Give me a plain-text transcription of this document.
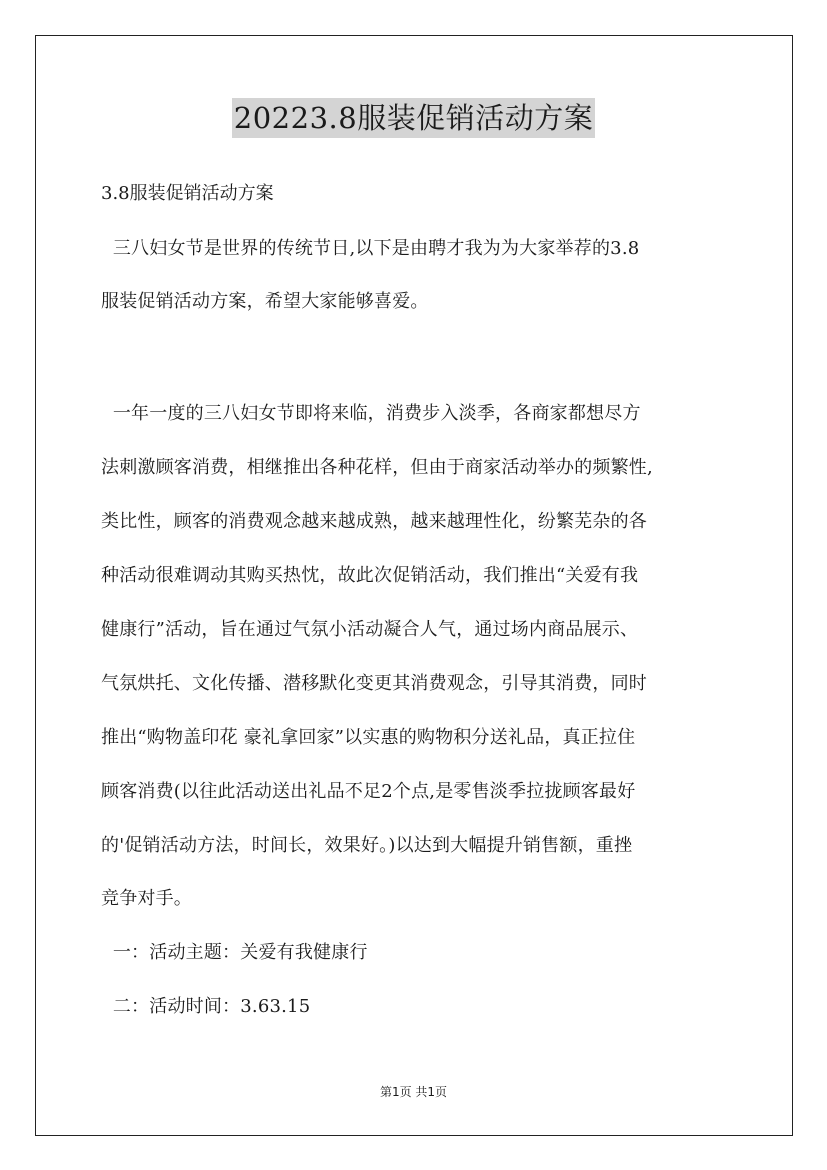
20223.8服装促销活动方案
3.8服装促销活动方案
三八妇女节是世界的传统节日,以下是由聘才我为为大家举荐的3.8
服装促销活动方案，希望大家能够喜爱。
一年一度的三八妇女节即将来临，消费步入淡季，各商家都想尽方
法刺激顾客消费，相继推出各种花样，但由于商家活动举办的频繁性,
类比性，顾客的消费观念越来越成熟，越来越理性化，纷繁芜杂的各
种活动很难调动其购买热忱，故此次促销活动，我们推出“关爱有我
健康行”活动，旨在通过气氛小活动凝合人气，通过场内商品展示、
气氛烘托、文化传播、潜移默化变更其消费观念，引导其消费，同时
推出“购物盖印花 豪礼拿回家”以实惠的购物积分送礼品，真正拉住
顾客消费(以往此活动送出礼品不足2个点,是零售淡季拉拢顾客最好
的'促销活动方法，时间长，效果好。)以达到大幅提升销售额，重挫
竞争对手。
一：活动主题：关爱有我健康行
二：活动时间：3.63.15
第1页 共1页
